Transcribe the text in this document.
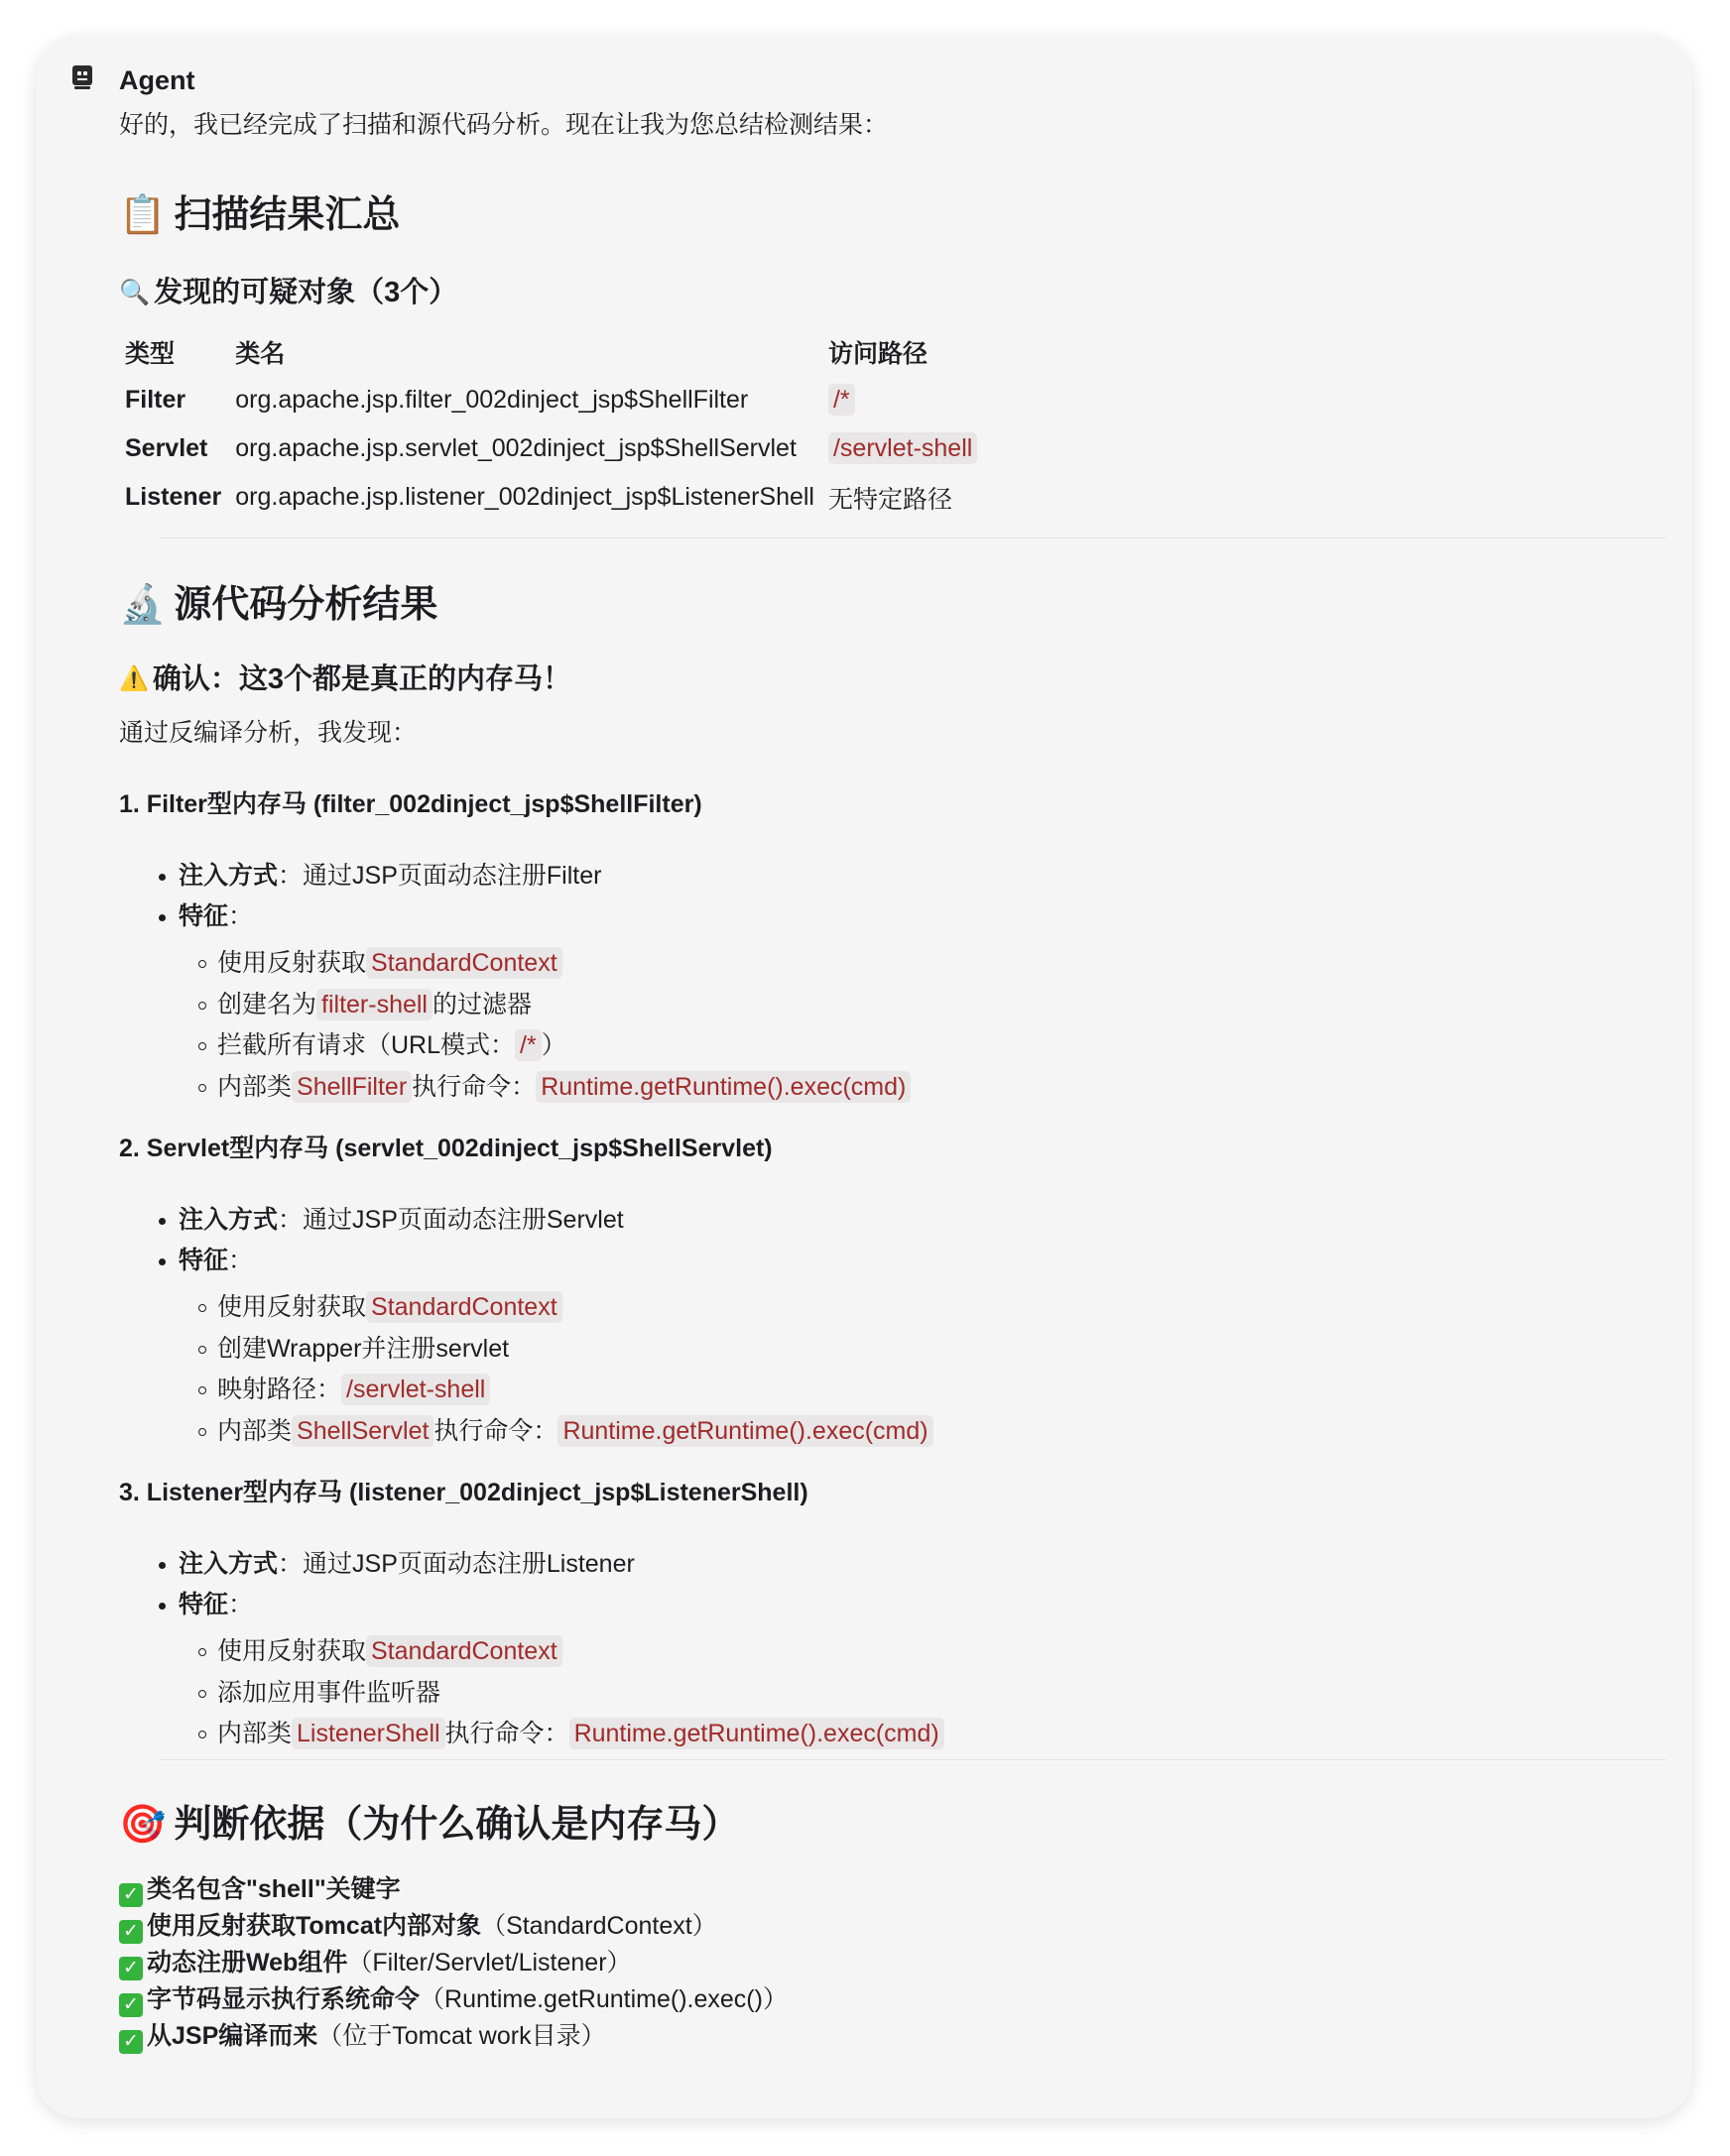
Agent

好的，我已经完成了扫描和源代码分析。现在让我为您总结检测结果：

📋 扫描结果汇总
🔍 发现的可疑对象（3个）
类型	类名	访问路径
Filter	org.apache.jsp.filter_002dinject_jsp$ShellFilter	/*
Servlet	org.apache.jsp.servlet_002dinject_jsp$ShellServlet	/servlet-shell
Listener	org.apache.jsp.listener_002dinject_jsp$ListenerShell	无特定路径
🔬 源代码分析结果
⚠️ 确认：这3个都是真正的内存马！

通过反编译分析，我发现：

1. Filter型内存马 (filter_002dinject_jsp$ShellFilter)
注入方式：通过JSP页面动态注册Filter
特征：
使用反射获取 StandardContext
创建名为 filter-shell 的过滤器
拦截所有请求（URL模式： /* ）
内部类 ShellFilter 执行命令： Runtime.getRuntime().exec(cmd)
2. Servlet型内存马 (servlet_002dinject_jsp$ShellServlet)
注入方式：通过JSP页面动态注册Servlet
特征：
使用反射获取 StandardContext
创建Wrapper并注册servlet
映射路径： /servlet-shell
内部类 ShellServlet 执行命令： Runtime.getRuntime().exec(cmd)
3. Listener型内存马 (listener_002dinject_jsp$ListenerShell)
注入方式：通过JSP页面动态注册Listener
特征：
使用反射获取 StandardContext
添加应用事件监听器
内部类 ListenerShell 执行命令： Runtime.getRuntime().exec(cmd)
🎯 判断依据（为什么确认是内存马）
✓ 类名包含"shell"关键字
✓ 使用反射获取Tomcat内部对象（StandardContext）
✓ 动态注册Web组件（Filter/Servlet/Listener）
✓ 字节码显示执行系统命令（Runtime.getRuntime().exec()）
✓ 从JSP编译而来（位于Tomcat work目录）
